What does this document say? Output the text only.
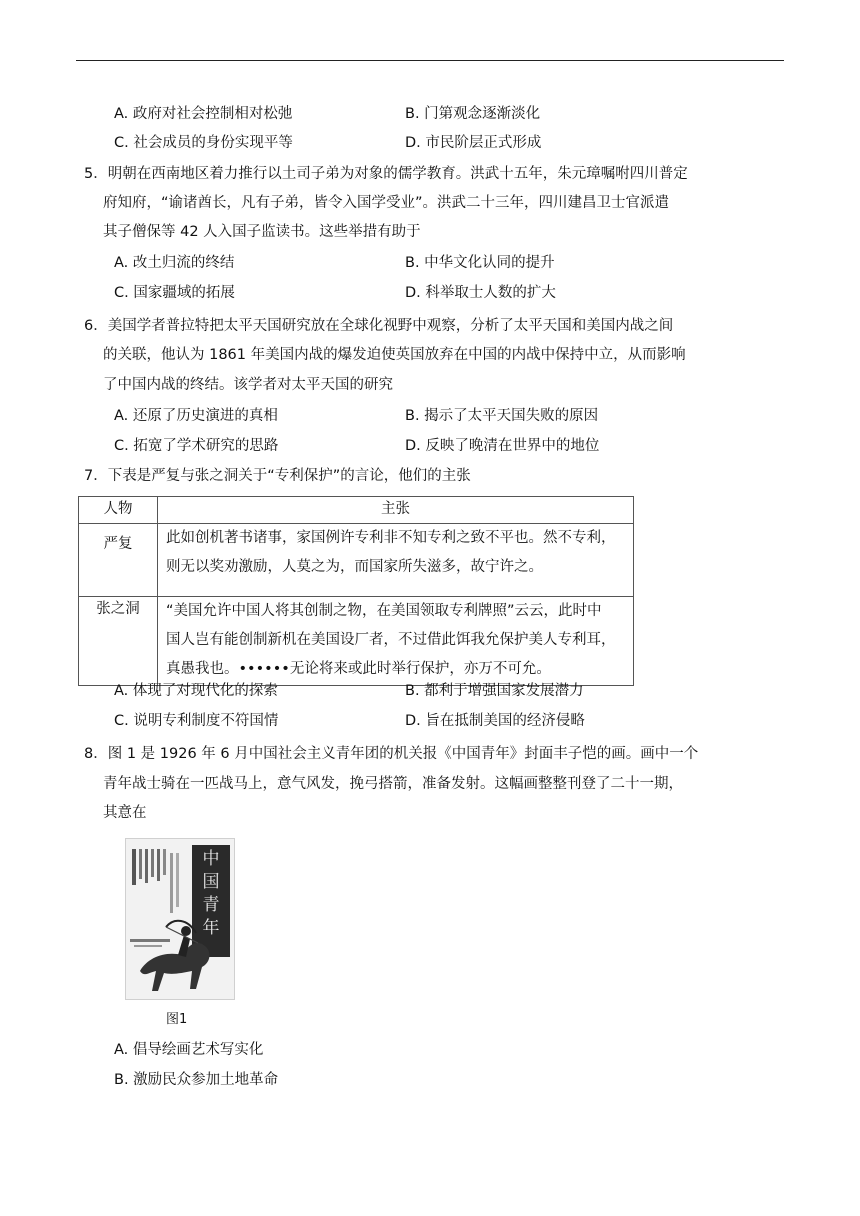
A. 政府对社会控制相对松弛	B. 门第观念逐渐淡化
C. 社会成员的身份实现平等	D. 市民阶层正式形成
5．明朝在西南地区着力推行以土司子弟为对象的儒学教育。洪武十五年，朱元璋嘱咐四川普定
府知府，“谕诸酋长，凡有子弟，皆令入国学受业”。洪武二十三年，四川建昌卫士官派遣
其子僧保等 42 人入国子监读书。这些举措有助于
A. 改土归流的终结	B. 中华文化认同的提升
C. 国家疆域的拓展	D. 科举取士人数的扩大
6．美国学者普拉特把太平天国研究放在全球化视野中观察，分析了太平天国和美国内战之间
的关联，他认为 1861 年美国内战的爆发迫使英国放弃在中国的内战中保持中立，从而影响
了中国内战的终结。该学者对太平天国的研究
A. 还原了历史演进的真相	B. 揭示了太平天国失败的原因
C. 拓宽了学术研究的思路	D. 反映了晚清在世界中的地位
7．下表是严复与张之洞关于“专利保护”的言论，他们的主张
人物	主张
严复	此如创机著书诸事，家国例许专利非不知专利之致不平也。然不专利，
则无以奖劝激励，人莫之为，而国家所失滋多，故宁许之。

张之洞	“美国允许中国人将其创制之物，在美国领取专利牌照”云云，此时中
国人岂有能创制新机在美国设厂者，不过借此饵我允保护美人专利耳，
真愚我也。••••••无论将来或此时举行保护，亦万不可允。
A. 体现了对现代化的探索	B. 都利于增强国家发展潜力
C. 说明专利制度不符国情	D. 旨在抵制美国的经济侵略
8．图 1 是 1926 年 6 月中国社会主义青年团的机关报《中国青年》封面丰子恺的画。画中一个
青年战士骑在一匹战马上，意气风发，挽弓搭箭，准备发射。这幅画整整刊登了二十一期，
其意在
中
国
青
年
图1
A. 倡导绘画艺术写实化
B. 激励民众参加土地革命
